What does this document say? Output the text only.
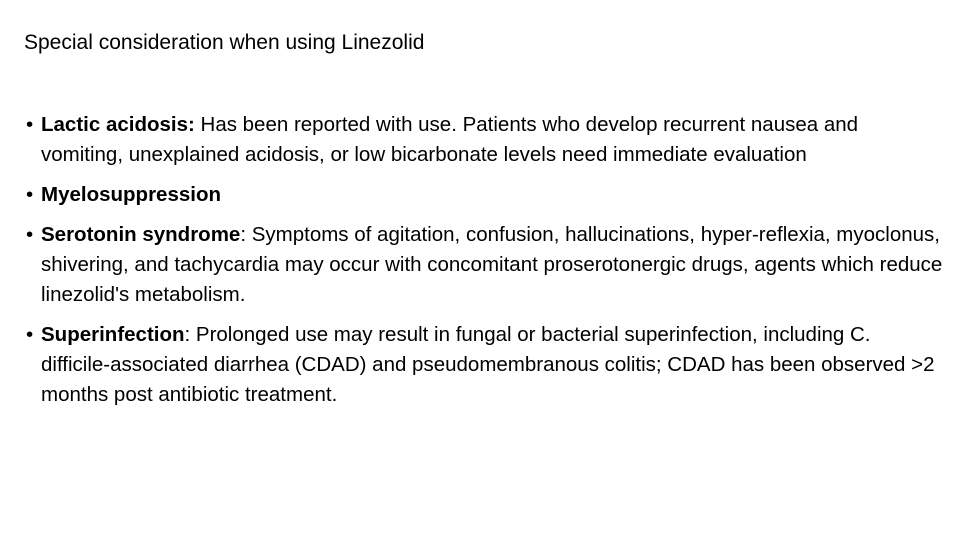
Special consideration when using Linezolid
• Lactic acidosis: Has been reported with use. Patients who develop recurrent nausea and vomiting, unexplained acidosis, or low bicarbonate levels need immediate evaluation
• Myelosuppression
• Serotonin syndrome: Symptoms of agitation, confusion, hallucinations, hyper-reflexia, myoclonus, shivering, and tachycardia may occur with concomitant proserotonergic drugs, agents which reduce linezolid's metabolism.
• Superinfection: Prolonged use may result in fungal or bacterial superinfection, including C. difficile-associated diarrhea (CDAD) and pseudomembranous colitis; CDAD has been observed >2 months post antibiotic treatment.
